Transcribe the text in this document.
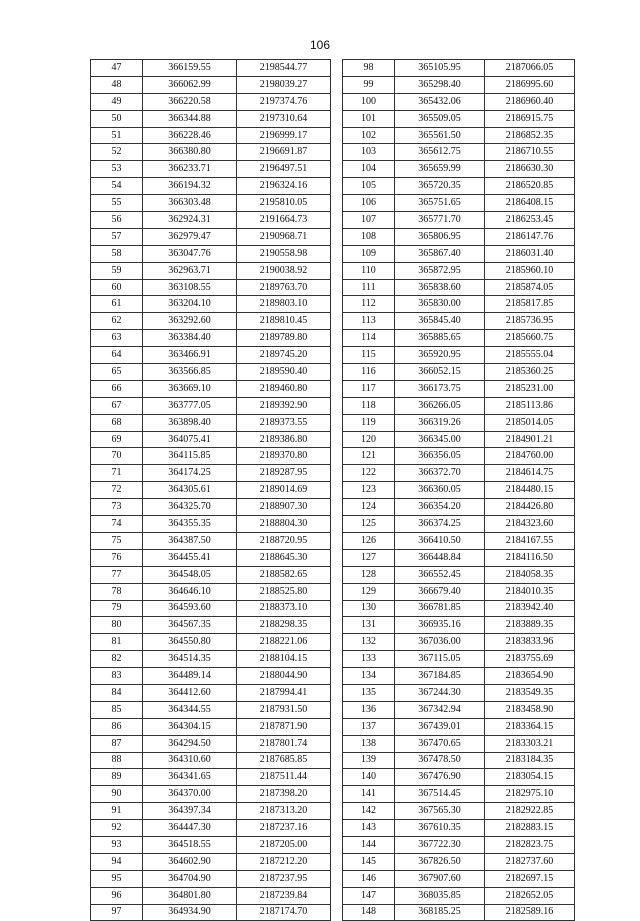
106
47	366159.55	2198544.77
48	366062.99	2198039.27
49	366220.58	2197374.76
50	366344.88	2197310.64
51	366228.46	2196999.17
52	366380.80	2196691.87
53	366233.71	2196497.51
54	366194.32	2196324.16
55	366303.48	2195810.05
56	362924.31	2191664.73
57	362979.47	2190968.71
58	363047.76	2190558.98
59	362963.71	2190038.92
60	363108.55	2189763.70
61	363204.10	2189803.10
62	363292.60	2189810.45
63	363384.40	2189789.80
64	363466.91	2189745.20
65	363566.85	2189590.40
66	363669.10	2189460.80
67	363777.05	2189392.90
68	363898.40	2189373.55
69	364075.41	2189386.80
70	364115.85	2189370.80
71	364174.25	2189287.95
72	364305.61	2189014.69
73	364325.70	2188907.30
74	364355.35	2188804.30
75	364387.50	2188720.95
76	364455.41	2188645.30
77	364548.05	2188582.65
78	364646.10	2188525.80
79	364593.60	2188373.10
80	364567.35	2188298.35
81	364550.80	2188221.06
82	364514.35	2188104.15
83	364489.14	2188044.90
84	364412.60	2187994.41
85	364344.55	2187931.50
86	364304.15	2187871.90
87	364294.50	2187801.74
88	364310.60	2187685.85
89	364341.65	2187511.44
90	364370.00	2187398.20
91	364397.34	2187313.20
92	364447.30	2187237.16
93	364518.55	2187205.00
94	364602.90	2187212.20
95	364704.90	2187237.95
96	364801.80	2187239.84
97	364934.90	2187174.70
98	365105.95	2187066.05
99	365298.40	2186995.60
100	365432.06	2186960.40
101	365509.05	2186915.75
102	365561.50	2186852.35
103	365612.75	2186710.55
104	365659.99	2186630.30
105	365720.35	2186520.85
106	365751.65	2186408.15
107	365771.70	2186253.45
108	365806.95	2186147.76
109	365867.40	2186031.40
110	365872.95	2185960.10
111	365838.60	2185874.05
112	365830.00	2185817.85
113	365845.40	2185736.95
114	365885.65	2185660.75
115	365920.95	2185555.04
116	366052.15	2185360.25
117	366173.75	2185231.00
118	366266.05	2185113.86
119	366319.26	2185014.05
120	366345.00	2184901.21
121	366356.05	2184760.00
122	366372.70	2184614.75
123	366360.05	2184480.15
124	366354.20	2184426.80
125	366374.25	2184323.60
126	366410.50	2184167.55
127	366448.84	2184116.50
128	366552.45	2184058.35
129	366679.40	2184010.35
130	366781.85	2183942.40
131	366935.16	2183889.35
132	367036.00	2183833.96
133	367115.05	2183755.69
134	367184.85	2183654.90
135	367244.30	2183549.35
136	367342.94	2183458.90
137	367439.01	2183364.15
138	367470.65	2183303.21
139	367478.50	2183184.35
140	367476.90	2183054.15
141	367514.45	2182975.10
142	367565.30	2182922.85
143	367610.35	2182883.15
144	367722.30	2182823.75
145	367826.50	2182737.60
146	367907.60	2182697.15
147	368035.85	2182652.05
148	368185.25	2182589.16
